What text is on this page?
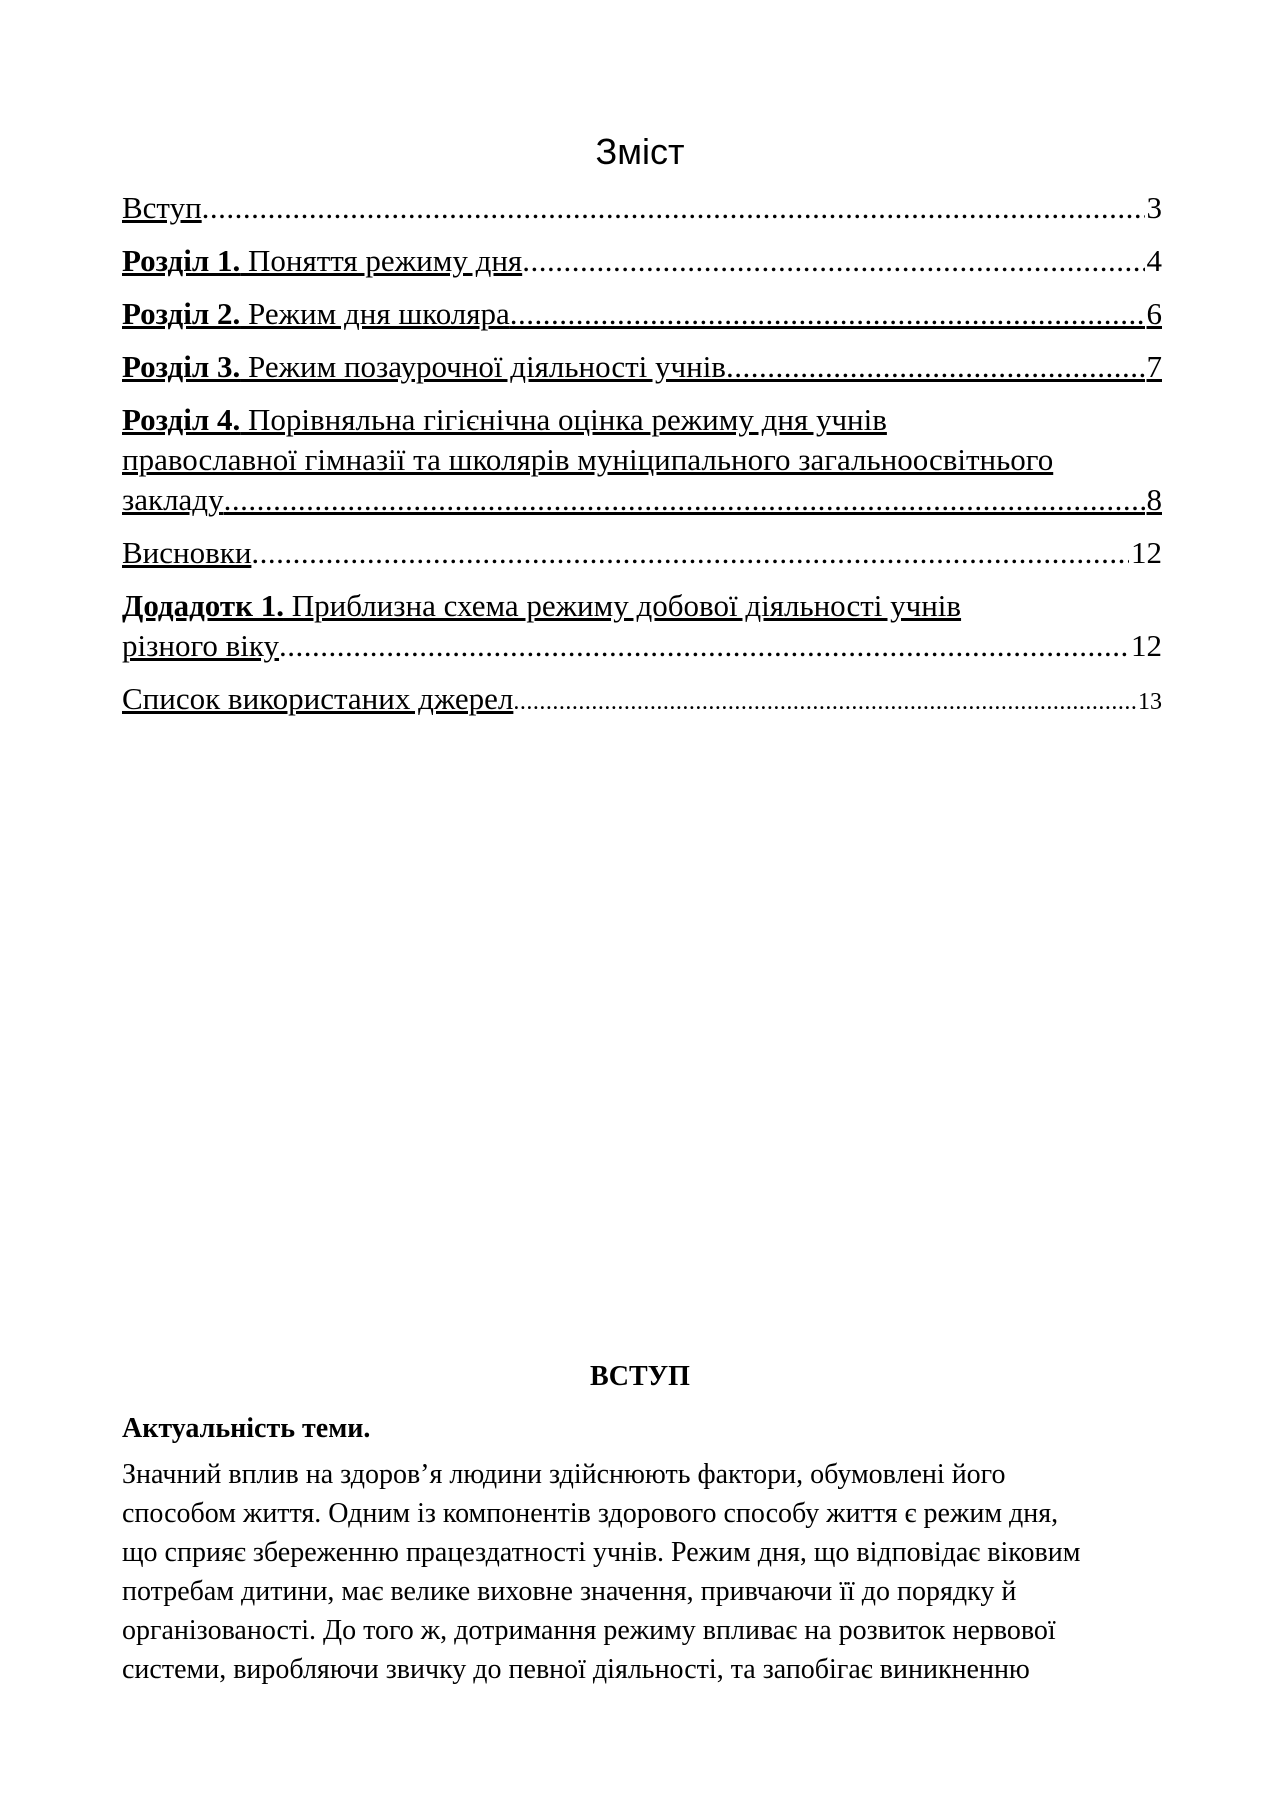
Зміст
Вступ .....	3
Розділ 1. Поняття режиму дня .....	4
Розділ 2. Режим дня школяра .....	6
Розділ 3. Режим позаурочної діяльності учнів .....	7
Розділ 4. Порівняльна гігієнічна оцінка режиму дня учнів
православної гімназії та школярів муніципального загальноосвітнього
закладу .....	8
Висновки .....	12
Додадотк 1. Приблизна схема режиму добової діяльності учнів
різного віку .....	12
Список використаних джерел .....	13
ВСТУП
Актуальність теми.
Значний вплив на здоров’я людини здійснюють фактори, обумовлені його
способом життя. Одним із компонентів здорового способу життя є режим дня,
що сприяє збереженню працездатності учнів. Режим дня, що відповідає віковим
потребам дитини, має велике виховне значення, привчаючи її до порядку й
організованості. До того ж, дотримання режиму впливає на розвиток нервової
системи, виробляючи звичку до певної діяльності, та запобігає виникненню
